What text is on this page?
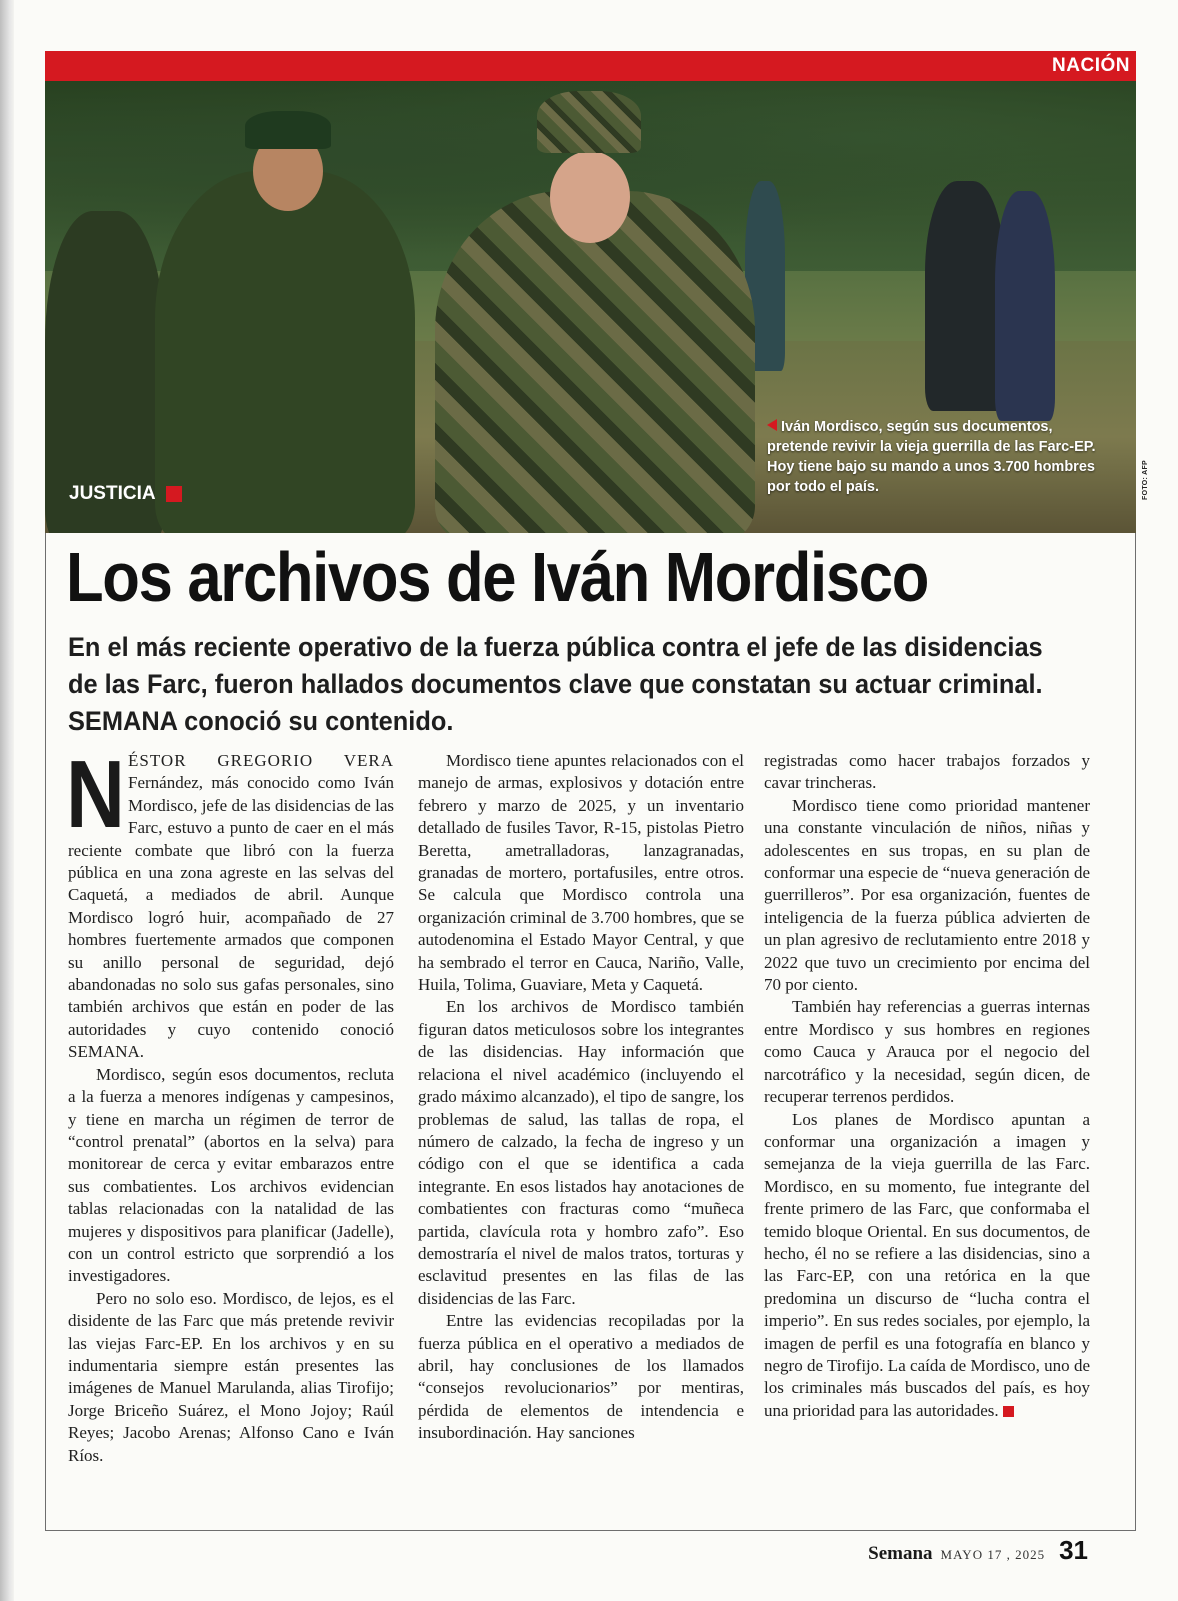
NACIÓN
JUSTICIA
Iván Mordisco, según sus documentos, pretende revivir la vieja guerrilla de las Farc-EP. Hoy tiene bajo su mando a unos 3.700 hombres por todo el país.	FOTO: AFP
Los archivos de Iván Mordisco
En el más reciente operativo de la fuerza pública contra el jefe de las disidencias de las Farc, fueron hallados documentos clave que constatan su actuar criminal. SEMANA conoció su contenido.

NÉSTOR GREGORIO VERA Fernández, más conocido como Iván Mordisco, jefe de las disidencias de las Farc, estuvo a punto de caer en el más reciente combate que libró con la fuerza pública en una zona agreste en las selvas del Caquetá, a mediados de abril. Aunque Mordisco logró huir, acompañado de 27 hombres fuertemente armados que componen su anillo personal de seguridad, dejó abandonadas no solo sus gafas personales, sino también archivos que están en poder de las autoridades y cuyo contenido conoció SEMANA.

Mordisco, según esos documentos, recluta a la fuerza a menores indígenas y campesinos, y tiene en marcha un régimen de terror de “control prenatal” (abortos en la selva) para monitorear de cerca y evitar embarazos entre sus combatientes. Los archivos evidencian tablas relacionadas con la natalidad de las mujeres y dispositivos para planificar (Jadelle), con un control estricto que sorprendió a los investigadores.

Pero no solo eso. Mordisco, de lejos, es el disidente de las Farc que más pretende revivir las viejas Farc-EP. En los archivos y en su indumentaria siempre están presentes las imágenes de Manuel Marulanda, alias Tirofijo; Jorge Briceño Suárez, el Mono Jojoy; Raúl Reyes; Jacobo Arenas; Alfonso Cano e Iván Ríos.

Mordisco tiene apuntes relacionados con el manejo de armas, explosivos y dotación entre febrero y marzo de 2025, y un inventario detallado de fusiles Tavor, R-15, pistolas Pietro Beretta, ametralladoras, lanzagranadas, granadas de mortero, portafusiles, entre otros. Se calcula que Mordisco controla una organización criminal de 3.700 hombres, que se autodenomina el Estado Mayor Central, y que ha sembrado el terror en Cauca, Nariño, Valle, Huila, Tolima, Guaviare, Meta y Caquetá.

En los archivos de Mordisco también figuran datos meticulosos sobre los integrantes de las disidencias. Hay información que relaciona el nivel académico (incluyendo el grado máximo alcanzado), el tipo de sangre, los problemas de salud, las tallas de ropa, el número de calzado, la fecha de ingreso y un código con el que se identifica a cada integrante. En esos listados hay anotaciones de combatientes con fracturas como “muñeca partida, clavícula rota y hombro zafo”. Eso demostraría el nivel de malos tratos, torturas y esclavitud presentes en las filas de las disidencias de las Farc.

Entre las evidencias recopiladas por la fuerza pública en el operativo a mediados de abril, hay conclusiones de los llamados “consejos revolucionarios” por mentiras, pérdida de elementos de intendencia e insubordinación. Hay sanciones

registradas como hacer trabajos forzados y cavar trincheras.

Mordisco tiene como prioridad mantener una constante vinculación de niños, niñas y adolescentes en sus tropas, en su plan de conformar una especie de “nueva generación de guerrilleros”. Por esa organización, fuentes de inteligencia de la fuerza pública advierten de un plan agresivo de reclutamiento entre 2018 y 2022 que tuvo un crecimiento por encima del 70 por ciento.

También hay referencias a guerras internas entre Mordisco y sus hombres en regiones como Cauca y Arauca por el negocio del narcotráfico y la necesidad, según dicen, de recuperar terrenos perdidos.

Los planes de Mordisco apuntan a conformar una organización a imagen y semejanza de la vieja guerrilla de las Farc. Mordisco, en su momento, fue integrante del frente primero de las Farc, que conformaba el temido bloque Oriental. En sus documentos, de hecho, él no se refiere a las disidencias, sino a las Farc-EP, con una retórica en la que predomina un discurso de “lucha contra el imperio”. En sus redes sociales, por ejemplo, la imagen de perfil es una fotografía en blanco y negro de Tirofijo. La caída de Mordisco, uno de los criminales más buscados del país, es hoy una prioridad para las autoridades.

Semana MAYO 17 , 2025 31
